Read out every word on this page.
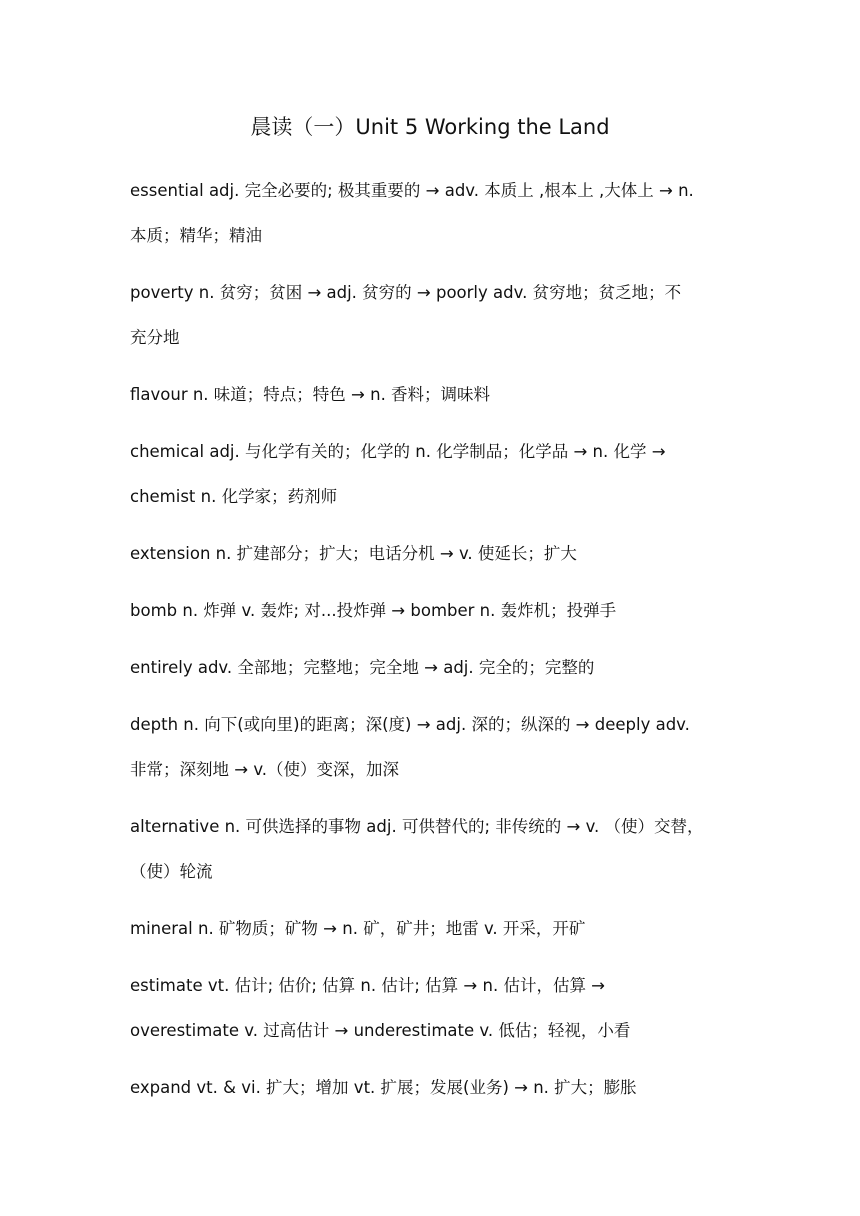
晨读（一）Unit 5 Working the Land
essential adj. 完全必要的; 极其重要的 → adv. 本质上 ,根本上 ,大体上 → n.
本质；精华；精油
poverty n. 贫穷；贫困 → adj. 贫穷的 → poorly adv. 贫穷地；贫乏地；不
充分地
flavour n. 味道；特点；特色 → n. 香料；调味料
chemical adj. 与化学有关的；化学的 n. 化学制品；化学品 → n. 化学 →
chemist n. 化学家；药剂师
extension n. 扩建部分；扩大；电话分机 → v. 使延长；扩大
bomb n. 炸弹 v. 轰炸; 对...投炸弹 → bomber n. 轰炸机；投弹手
entirely adv. 全部地；完整地；完全地 → adj. 完全的；完整的
depth n. 向下(或向里)的距离；深(度) → adj. 深的；纵深的 → deeply adv.
非常；深刻地 → v.（使）变深，加深
alternative n. 可供选择的事物 adj. 可供替代的; 非传统的 → v. （使）交替，
（使）轮流
mineral n. 矿物质；矿物 → n. 矿，矿井；地雷 v. 开采，开矿
estimate vt. 估计; 估价; 估算 n. 估计; 估算 → n. 估计，估算 →
overestimate v. 过高估计 → underestimate v. 低估；轻视，小看
expand vt. & vi. 扩大；增加 vt. 扩展；发展(业务) → n. 扩大；膨胀
